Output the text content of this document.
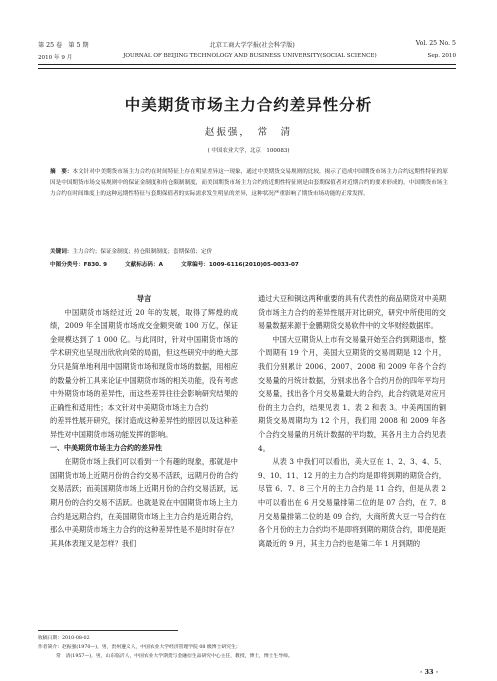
第 25 卷　第 5 期	北京工商大学学报(社会科学版)	Vol. 25 No. 5
2010 年 9 月	JOURNAL OF BEIJING TECHNOLOGY AND BUSINESS UNIVERSITY(SOCIAL SCIENCE)	Sep. 2010
中美期货市场主力合约差异性分析
赵振强，　常　清
( 中国农业大学，北京　100083)
摘　要：本文针对中美期货市场主力合约在时间特征上存在明显差异这一现象，通过中美期货交易规则的比较，揭示了造成中国期货市场主力合约远期性特征的原因是中国期货市场交易规则中的保证金制度和持仓限制制度，而美国期货市场主力合约的近期性特征则是由套期保值者对近期合约的要求形成的。中国期货市场主力合约在时间维度上的这种远期性特征与套期保值者的实际需求发生明显的差异，这种状况严重影响了期货市场功能的正常发挥。
关键词：主力合约；保证金制度；持仓限制制度；套期保值；定价
中图分类号：F830. 9	文献标志码：A	文章编号：1009-6116(2010)05-0033-07

导言

中国期货市场经过近 20 年的发展，取得了辉煌的成绩，2009 年全国期货市场成交金额突破 100 万亿，保证金规模达到了 1 000 亿。与此同时，针对中国期货市场的学术研究也呈现出欣欣向荣的局面，但这些研究中的绝大部分只是简单地利用中国期货市场和现货市场的数据，用相应的数量分析工具来论证中国期货市场的相关功能，没有考虑中外期货市场的差异性，而这些差异往往会影响研究结果的正确性和适用性；本文针对中美期货市场主力合约

的差异性展开研究，探讨造成这种差异性的原因以及这种差异性对中国期货市场功能发挥的影响。

一、中美期货市场主力合约的差异性

在期货市场上我们可以看到一个有趣的现象，那就是中国期货市场上近期月份的合约交易不活跃，远期月份的合约交易活跃；而美国期货市场上近期月份的合约交易活跃，远期月份的合约交易不活跃。也就是说在中国期货市场上主力合约是远期合约，在美国期货市场上主力合约是近期合约，那么中美期货市场主力合约的这种差异性是不是时时存在？其具体表现又是怎样？我们

通过大豆和铜这两种重要的具有代表性的商品期货对中美期货市场主力合约的差异性展开对比研究，研究中所使用的交易量数据来源于金鹏期货交易软件中的文华财经数据库。

中国大豆期货从上市有交易量开始至合约到期退市，整个周期有 19 个月，美国大豆期货的交易周期是 12 个月，我们分别累计 2006、2007、2008 和 2009 年各个合约交易量的月统计数据，分别求出各个合约月份的四年平均月交易量，找出各个月交易量最大的合约，此合约就是对应月份的主力合约，结果见表 1、表 2 和表 3。中美两国的铜期货交易周期均为 12 个月，我们用 2008 和 2009 年各个合约交易量的月统计数据的平均数，其各月主力合约见表 4。

从表 3 中我们可以看出，美大豆在 1、2、3、4、5、9、10、11、12 月的主力合约均是即将到期的期货合约，尽管 6、7、8 三个月的主力合约是 11 合约，但是从表 2 中可以看出在 6 月交易量排第二位的是 07 合约，在 7、8 月交易量排第二位的是 09 合约，大商所黄大豆一号合约在各个月份的主力合约均不是即将到期的期货合约，即使是距离最近的 9 月，其主力合约也是第二年 1 月到期的

收稿日期：2010-08-02
作者简介：赵振强(1970—)，男，贵州遵义人，中国农业大学经济管理学院 08 级博士研究生；
常　清(1957—)，男，山东临沂人，中国农业大学期货与金融衍生品研究中心主任，教授，博士，博士生导师。
· 33 ·
